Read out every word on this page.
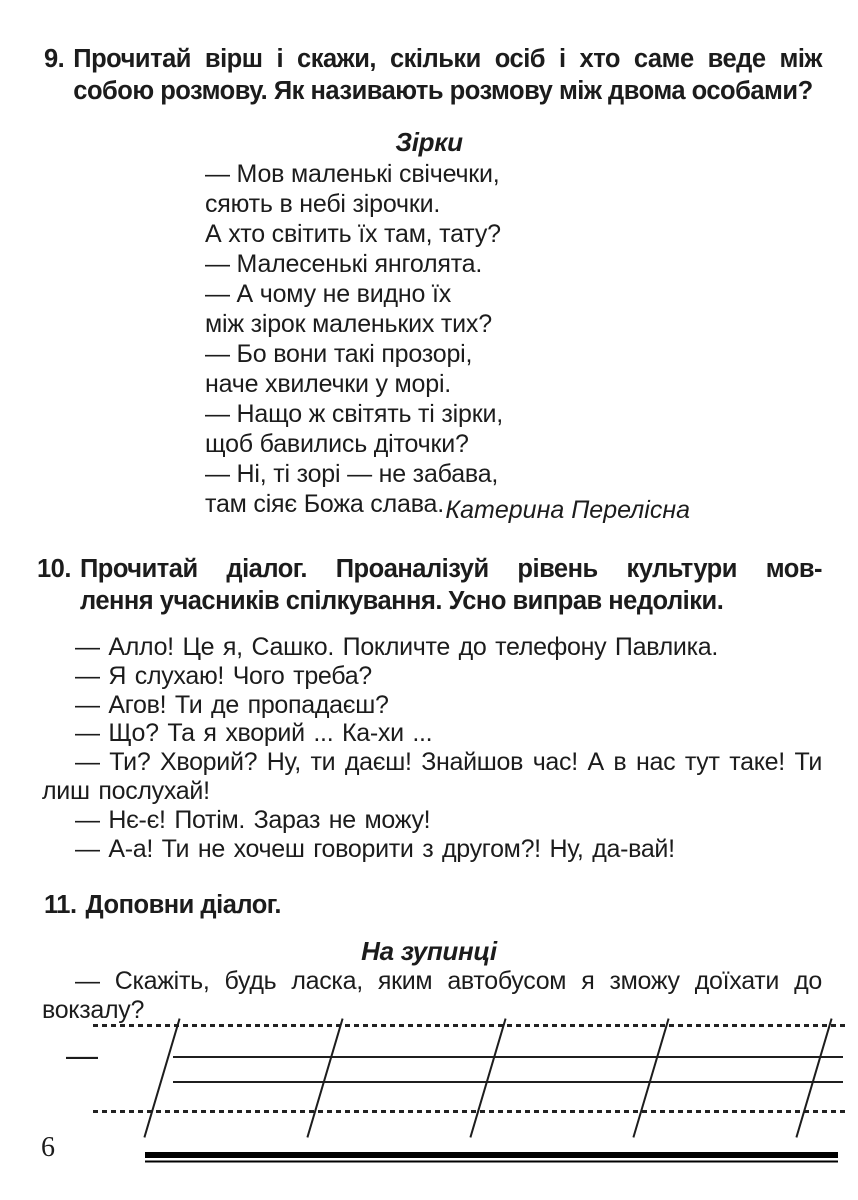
9. Прочитай вірш і скажи, скільки осіб і хто саме веде між собою розмову. Як називають розмову між двома особами?
Зірки
— Мов маленькі свічечки,
сяють в небі зірочки.
А хто світить їх там, тату?
— Малесенькі янголята.
— А чому не видно їх
між зірок маленьких тих?
— Бо вони такі прозорі,
наче хвилечки у морі.
— Нащо ж світять ті зірки,
щоб бавились діточки?
— Ні, ті зорі — не забава,
там сіяє Божа слава. Катерина Перелісна
10. Прочитай діалог. Проаналізуй рівень культури мов-
лення учасників спілкування. Усно виправ недоліки.

— Алло! Це я, Сашко. Покличте до телефону Павлика.

— Я слухаю! Чого треба?

— Агов! Ти де пропадаєш?

— Що? Та я хворий ... Ка-хи ...

— Ти? Хворий? Ну, ти даєш! Знайшов час! А в нас тут таке! Ти лиш послухай!

— Нє-є! Потім. Зараз не можу!

— А-а! Ти не хочеш говорити з другом?! Ну, да-вай!

11. Доповни діалог.
На зупинці

— Скажіть, будь ласка, яким автобусом я зможу доїхати до вокзалу?

—
6
